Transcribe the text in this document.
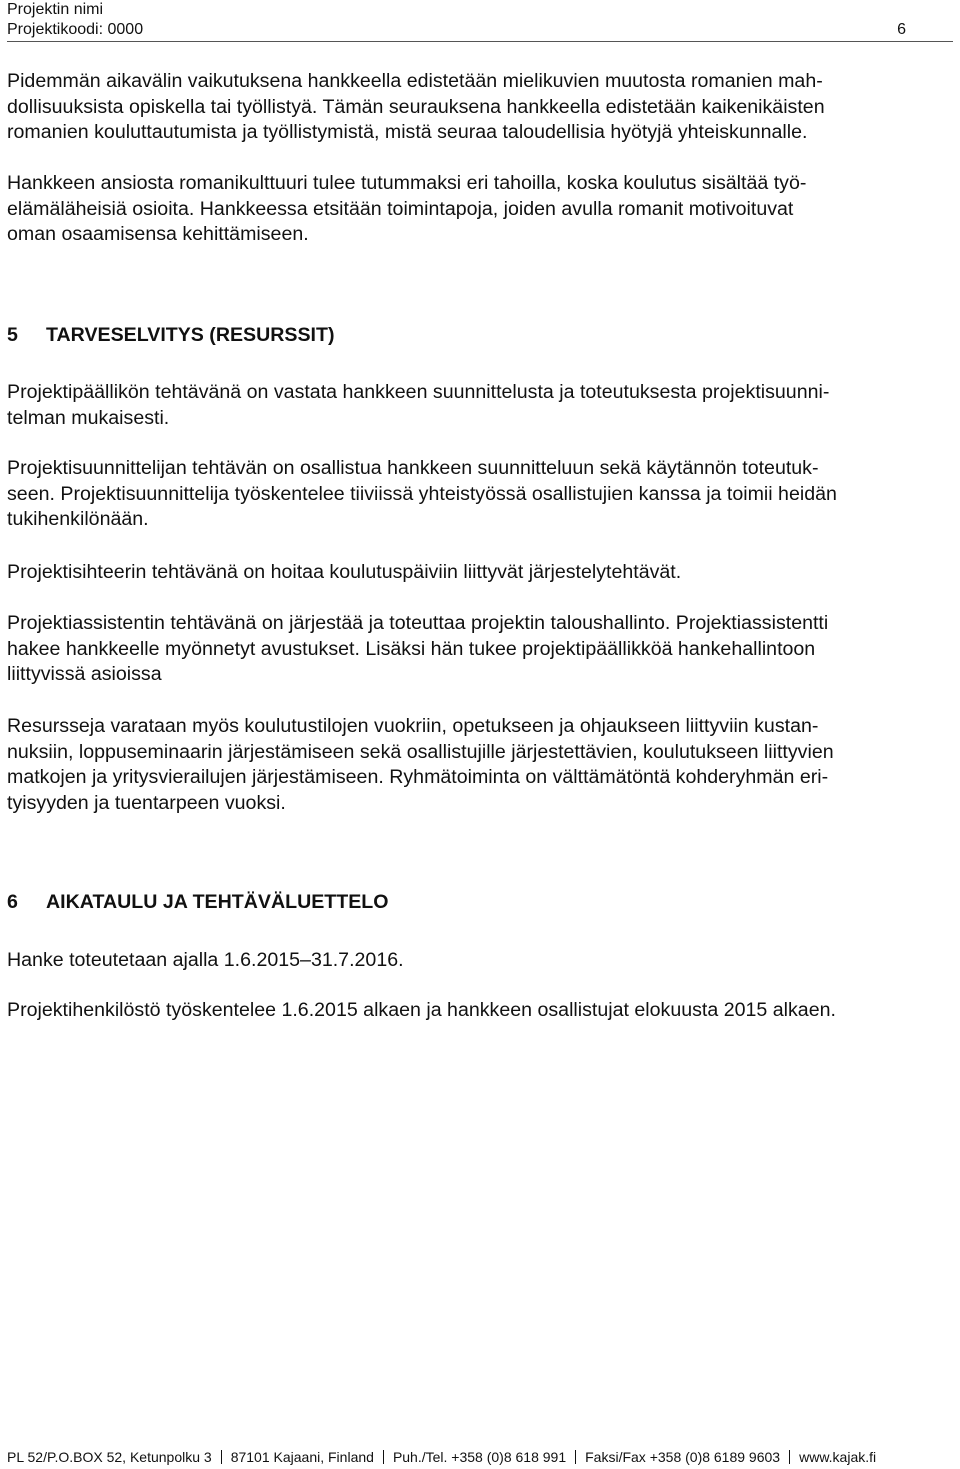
Projektin nimi
Projektikoodi: 0000	6
Pidemmän aikavälin vaikutuksena hankkeella edistetään mielikuvien muutosta romanien mah-
dollisuuksista opiskella tai työllistyä. Tämän seurauksena hankkeella edistetään kaikenikäisten
romanien kouluttautumista ja työllistymistä, mistä seuraa taloudellisia hyötyjä yhteiskunnalle.
Hankkeen ansiosta romanikulttuuri tulee tutummaksi eri tahoilla, koska koulutus sisältää työ-
elämäläheisiä osioita. Hankkeessa etsitään toimintapoja, joiden avulla romanit motivoituvat
oman osaamisensa kehittämiseen.
5 TARVESELVITYS (RESURSSIT)
Projektipäällikön tehtävänä on vastata hankkeen suunnittelusta ja toteutuksesta projektisuunni-
telman mukaisesti.
Projektisuunnittelijan tehtävän on osallistua hankkeen suunnitteluun sekä käytännön toteutuk-
seen. Projektisuunnittelija työskentelee tiiviissä yhteistyössä osallistujien kanssa ja toimii heidän
tukihenkilönään.
Projektisihteerin tehtävänä on hoitaa koulutuspäiviin liittyvät järjestelytehtävät.
Projektiassistentin tehtävänä on järjestää ja toteuttaa projektin taloushallinto. Projektiassistentti
hakee hankkeelle myönnetyt avustukset. Lisäksi hän tukee projektipäällikköä hankehallintoon
liittyvissä asioissa
Resursseja varataan myös koulutustilojen vuokriin, opetukseen ja ohjaukseen liittyviin kustan-
nuksiin, loppuseminaarin järjestämiseen sekä osallistujille järjestettävien, koulutukseen liittyvien
matkojen ja yritysvierailujen järjestämiseen. Ryhmätoiminta on välttämätöntä kohderyhmän eri-
tyisyyden ja tuentarpeen vuoksi.
6 AIKATAULU JA TEHTÄVÄLUETTELO
Hanke toteutetaan ajalla 1.6.2015–31.7.2016.
Projektihenkilöstö työskentelee 1.6.2015 alkaen ja hankkeen osallistujat elokuusta 2015 alkaen.
PL 52/P.O.BOX 52, Ketunpolku 3 87101 Kajaani, Finland Puh./Tel. +358 (0)8 618 991 Faksi/Fax +358 (0)8 6189 9603 www.kajak.fi
